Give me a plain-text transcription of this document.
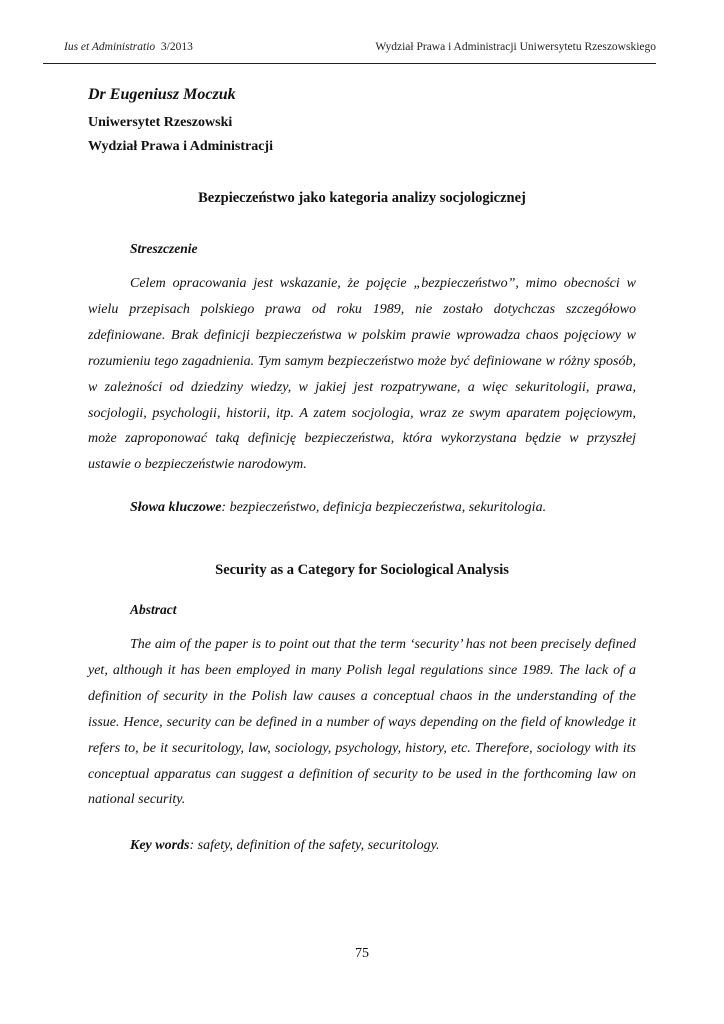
Ius et Administratio 3/2013	Wydział Prawa i Administracji Uniwersytetu Rzeszowskiego
Dr Eugeniusz Moczuk
Uniwersytet Rzeszowski
Wydział Prawa i Administracji
Bezpieczeństwo jako kategoria analizy socjologicznej
Streszczenie

Celem opracowania jest wskazanie, że pojęcie „bezpieczeństwo”, mimo obecności w wielu przepisach polskiego prawa od roku 1989, nie zostało dotychczas szczegółowo zdefiniowane. Brak definicji bezpieczeństwa w polskim prawie wprowadza chaos pojęciowy w rozumieniu tego zagadnienia. Tym samym bezpieczeństwo może być definiowane w różny sposób, w zależności od dziedziny wiedzy, w jakiej jest rozpatrywane, a więc sekuritologii, prawa, socjologii, psychologii, historii, itp. A zatem socjologia, wraz ze swym aparatem pojęciowym, może zaproponować taką definicję bezpieczeństwa, która wykorzystana będzie w przyszłej ustawie o bezpieczeństwie narodowym.

Słowa kluczowe: bezpieczeństwo, definicja bezpieczeństwa, sekuritologia.
Security as a Category for Sociological Analysis
Abstract

The aim of the paper is to point out that the term ‘security’ has not been precisely defined yet, although it has been employed in many Polish legal regulations since 1989. The lack of a definition of security in the Polish law causes a conceptual chaos in the understanding of the issue. Hence, security can be defined in a number of ways depending on the field of knowledge it refers to, be it securitology, law, sociology, psychology, history, etc. Therefore, sociology with its conceptual apparatus can suggest a definition of security to be used in the forthcoming law on national security.

Key words: safety, definition of the safety, securitology.
75
